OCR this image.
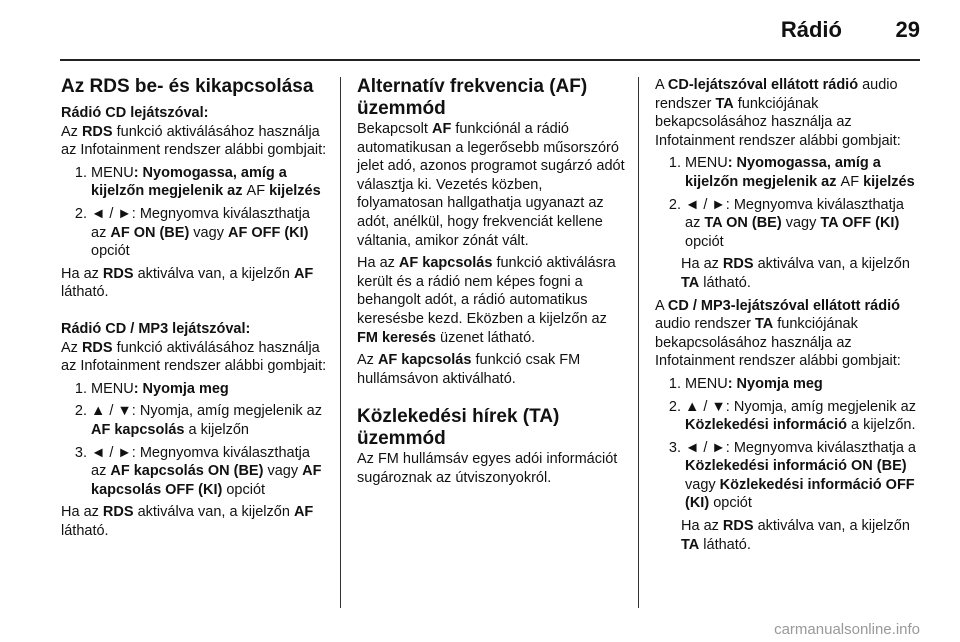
Rádió 29
Az RDS be- és kikapcsolása
Rádió CD lejátszóval:

Az RDS funkció aktiválásához használja az Infotainment rendszer alábbi gombjait:

1. MENU: Nyomogassa, amíg a kijelzőn megjelenik az AF kijelzés
2. ◄ / ►: Megnyomva kiválaszthatja az AF ON (BE) vagy AF OFF (KI) opciót

Ha az RDS aktiválva van, a kijelzőn AF látható.

Rádió CD / MP3 lejátszóval:

Az RDS funkció aktiválásához használja az Infotainment rendszer alábbi gombjait:

1. MENU: Nyomja meg
2. ▲ / ▼: Nyomja, amíg megjelenik az AF kapcsolás a kijelzőn
3. ◄ / ►: Megnyomva kiválaszthatja az AF kapcsolás ON (BE) vagy AF kapcsolás OFF (KI) opciót

Ha az RDS aktiválva van, a kijelzőn AF látható.

Alternatív frekvencia (AF) üzemmód

Bekapcsolt AF funkciónál a rádió automatikusan a legerősebb műsorszóró jelet adó, azonos programot sugárzó adót választja ki. Vezetés közben, folyamatosan hallgathatja ugyanazt az adót, anélkül, hogy frekvenciát kellene váltania, amikor zónát vált.

Ha az AF kapcsolás funkció aktiválásra került és a rádió nem képes fogni a behangolt adót, a rádió automatikus keresésbe kezd. Eközben a kijelzőn az FM keresés üzenet látható.

Az AF kapcsolás funkció csak FM hullámsávon aktiválható.

Közlekedési hírek (TA) üzemmód

Az FM hullámsáv egyes adói információt sugároznak az útviszonyokról.

A CD-lejátszóval ellátott rádió audio rendszer TA funkciójának bekapcsolásához használja az Infotainment rendszer alábbi gombjait:

1. MENU: Nyomogassa, amíg a kijelzőn megjelenik az AF kijelzés
2. ◄ / ►: Megnyomva kiválaszthatja az TA ON (BE) vagy TA OFF (KI) opciót

Ha az RDS aktiválva van, a kijelzőn TA látható.

A CD / MP3-lejátszóval ellátott rádió audio rendszer TA funkciójának bekapcsolásához használja az Infotainment rendszer alábbi gombjait:

1. MENU: Nyomja meg
2. ▲ / ▼: Nyomja, amíg megjelenik az Közlekedési információ a kijelzőn.
3. ◄ / ►: Megnyomva kiválaszthatja a Közlekedési információ ON (BE) vagy Közlekedési információ OFF (KI) opciót

Ha az RDS aktiválva van, a kijelzőn TA látható.

carmanualsonline.info
